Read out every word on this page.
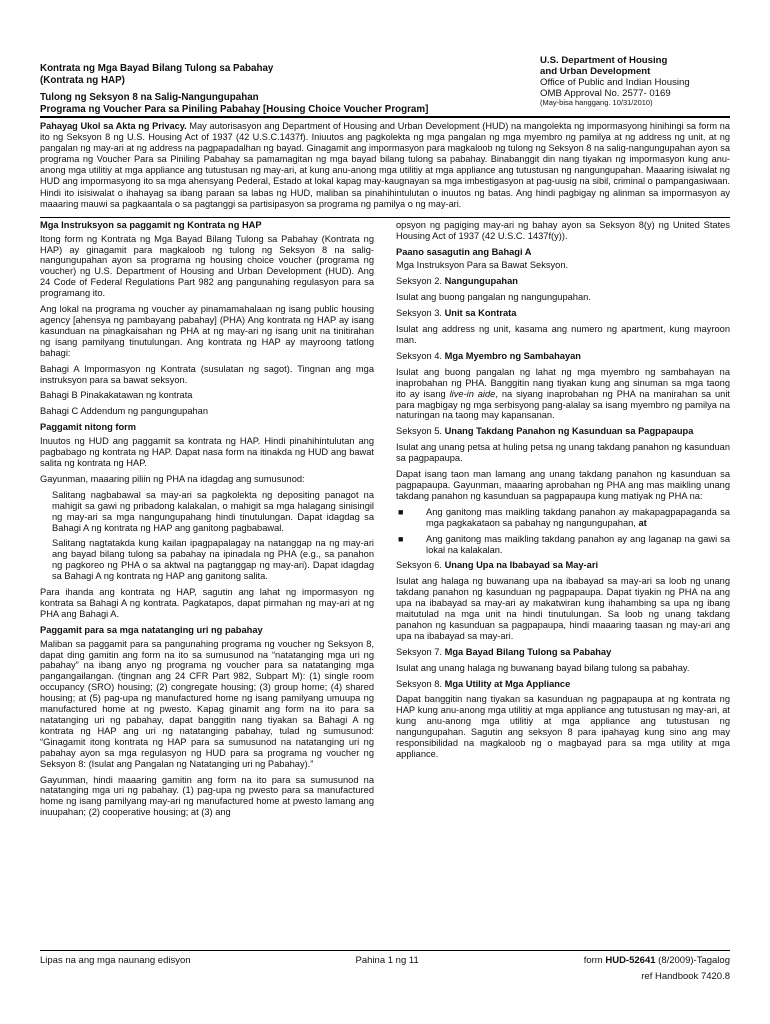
Kontrata ng Mga Bayad Bilang Tulong sa Pabahay
(Kontrata ng HAP)
Tulong ng Seksyon 8 na Salig-Nangungupahan
Programa ng Voucher Para sa Piniling Pabahay [Housing Choice Voucher Program]
U.S. Department of Housing
and Urban Development
Office of Public and Indian Housing
OMB Approval No. 2577- 0169
(May-bisa hanggang. 10/31/2010)
Pahayag Ukol sa Akta ng Privacy. May autorisasyon ang Department of Housing and Urban Development (HUD) na mangolekta ng impormasyong hinihingi sa form na ito ng Seksyon 8 ng U.S. Housing Act of 1937 (42 U.S.C.1437f). Iniuutos ang pagkolekta ng mga pangalan ng mga myembro ng pamilya at ng address ng unit, at ng pangalan ng may-ari at ng address na pagpapadalhan ng bayad. Ginagamit ang impormasyon para magkaloob ng tulong ng Seksyon 8 na salig-nangungupahan ayon sa programa ng Voucher Para sa Piniling Pabahay sa pamamagitan ng mga bayad bilang tulong sa pabahay. Binabanggit din nang tiyakan ng impormasyon kung anu-anong mga utilitiy at mga appliance ang tutustusan ng may-ari, at kung anu-anong mga utilitiy at mga appliance ang tutustusan ng nangungupahan. Maaaring isiwalat ng HUD ang impormasyong ito sa mga ahensyang Pederal, Estado at lokal kapag may-kaugnayan sa mga imbestigasyon at pag-uusig na sibil, criminal o pampangasiwaan. Hindi ito isisiwalat o ihahayag sa ibang paraan sa labas ng HUD, maliban sa pinahihintulutan o inuutos ng batas. Ang hindi pagbigay ng alinman sa impormasyon ay maaaring mauwi sa pagkaantala o sa pagtanggi sa partisipasyon sa programa ng pamilya o ng may-ari.

Mga Instruksyon sa paggamit ng Kontrata ng HAP

Itong form ng Kontrata ng Mga Bayad Bilang Tulong sa Pabahay (Kontrata ng HAP) ay ginagamit para magkaloob ng tulong ng Seksyon 8 na salig-nangungupahan ayon sa programa ng housing choice voucher (programa ng voucher) ng U.S. Department of Housing and Urban Development (HUD). Ang 24 Code of Federal Regulations Part 982 ang pangunahing regulasyon para sa programang ito.

Ang lokal na programa ng voucher ay pinamamahalaan ng isang public housing agency [ahensya ng pambayang pabahay] (PHA) Ang kontrata ng HAP ay isang kasunduan na pinagkaisahan ng PHA at ng may-ari ng isang unit na tinitirahan ng isang pamilyang tinutulungan. Ang kontrata ng HAP ay mayroong tatlong bahagi:

Bahagi A Impormasyon ng Kontrata (susulatan ng sagot). Tingnan ang mga instruksyon para sa bawat seksyon.

Bahagi B Pinakakatawan ng kontrata

Bahagi C Addendum ng pangungupahan

Paggamit nitong form

Inuutos ng HUD ang paggamit sa kontrata ng HAP. Hindi pinahihintulutan ang pagbabago ng kontrata ng HAP. Dapat nasa form na itinakda ng HUD ang bawat salita ng kontrata ng HAP.

Gayunman, maaaring piliin ng PHA na idagdag ang sumusunod:

Salitang nagbabawal sa may-ari sa pagkolekta ng depositing panagot na mahigit sa gawi ng pribadong kalakalan, o mahigit sa mga halagang sinisingil ng may-ari sa mga nangungupahang hindi tinutulungan. Dapat idagdag sa Bahagi A ng kontrata ng HAP ang ganitong pagbabawal.

Salitang nagtatakda kung kailan ipagpapalagay na natanggap na ng may-ari ang bayad bilang tulong sa pabahay na ipinadala ng PHA (e.g., sa panahon ng pagkoreo ng PHA o sa aktwal na pagtanggap ng may-ari). Dapat idagdag sa Bahagi A ng kontrata ng HAP ang ganitong salita.

Para ihanda ang kontrata ng HAP, sagutin ang lahat ng impormasyon ng kontrata sa Bahagi A ng kontrata. Pagkatapos, dapat pirmahan ng may-ari at ng PHA ang Bahagi A.

Paggamit para sa mga natatanging uri ng pabahay

Maliban sa paggamit para sa pangunahing programa ng voucher ng Seksyon 8, dapat ding gamitin ang form na ito sa sumusunod na “natatanging mga uri ng pabahay” na ibang anyo ng programa ng voucher para sa natatanging mga pangangailangan. (tingnan ang 24 CFR Part 982, Subpart M): (1) single room occupancy (SRO) housing; (2) congregate housing; (3) group home; (4) shared housing; at (5) pag-upa ng manufactured home ng isang pamilyang umuupa ng manufactured home at ng pwesto. Kapag ginamit ang form na ito para sa natatanging uri ng pabahay, dapat banggitin nang tiyakan sa Bahagi A ng kontrata ng HAP ang uri ng natatanging pabahay, tulad ng sumusunod: “Ginagamit itong kontrata ng HAP para sa sumusunod na natatanging uri ng pabahay ayon sa mga regulasyon ng HUD para sa programa ng voucher ng Seksyon 8: (Isulat ang Pangalan ng Natatanging uri ng Pabahay).”

Gayunman, hindi maaaring gamitin ang form na ito para sa sumusunod na natatanging mga uri ng pabahay. (1) pag-upa ng pwesto para sa manufactured home ng isang pamilyang may-ari ng manufactured home at pwesto lamang ang inuupahan; (2) cooperative housing; at (3) ang

opsyon ng pagiging may-ari ng bahay ayon sa Seksyon 8(y) ng United States Housing Act of 1937 (42 U.S.C. 1437f(y)).

Paano sasagutin ang Bahagi A

Mga Instruksyon Para sa Bawat Seksyon.

Seksyon 2. Nangungupahan

Isulat ang buong pangalan ng nangungupahan.

Seksyon 3. Unit sa Kontrata

Isulat ang address ng unit, kasama ang numero ng apartment, kung mayroon man.

Seksyon 4. Mga Myembro ng Sambahayan

Isulat ang buong pangalan ng lahat ng mga myembro ng sambahayan na inaprobahan ng PHA. Banggitin nang tiyakan kung ang sinuman sa mga taong ito ay isang live-in aide, na siyang inaprobahan ng PHA na manirahan sa unit para magbigay ng mga serbisyong pang-alalay sa isang myembro ng pamilya na naturingan na taong may kapansanan.

Seksyon 5. Unang Takdang Panahon ng Kasunduan sa Pagpapaupa

Isulat ang unang petsa at huling petsa ng unang takdang panahon ng kasunduan sa pagpapaupa.

Dapat isang taon man lamang ang unang takdang panahon ng kasunduan sa pagpapaupa. Gayunman, maaaring aprobahan ng PHA ang mas maikling unang takdang panahon ng kasunduan sa pagpapaupa kung matiyak ng PHA na:

■	Ang ganitong mas maikling takdang panahon ay makapagpapaganda sa mga pagkakataon sa pabahay ng nangungupahan, at
■	Ang ganitong mas maikling takdang panahon ay ang laganap na gawi sa lokal na kalakalan.

Seksyon 6. Unang Upa na Ibabayad sa May-ari

Isulat ang halaga ng buwanang upa na ibabayad sa may-ari sa loob ng unang takdang panahon ng kasunduan ng pagpapaupa. Dapat tiyakin ng PHA na ang upa na ibabayad sa may-ari ay makatwiran kung ihahambing sa upa ng ibang maitutulad na mga unit na hindi tinutulungan. Sa loob ng unang takdang panahon ng kasunduan sa pagpapaupa, hindi maaaring taasan ng may-ari ang upa na ibabayad sa may-ari.

Seksyon 7. Mga Bayad Bilang Tulong sa Pabahay

Isulat ang unang halaga ng buwanang bayad bilang tulong sa pabahay.

Seksyon 8. Mga Utility at Mga Appliance

Dapat banggitin nang tiyakan sa kasunduan ng pagpapaupa at ng kontrata ng HAP kung anu-anong mga utilitiy at mga appliance ang tutustusan ng may-ari, at kung anu-anong mga utilitiy at mga appliance ang tutustusan ng nangungupahan. Sagutin ang seksyon 8 para ipahayag kung sino ang may responsibilidad na magkaloob ng o magbayad para sa mga utility at mga appliance.

Lipas na ang mga naunang edisyon	Pahina 1 ng 11	form HUD-52641 (8/2009)-Tagalog
ref Handbook 7420.8
